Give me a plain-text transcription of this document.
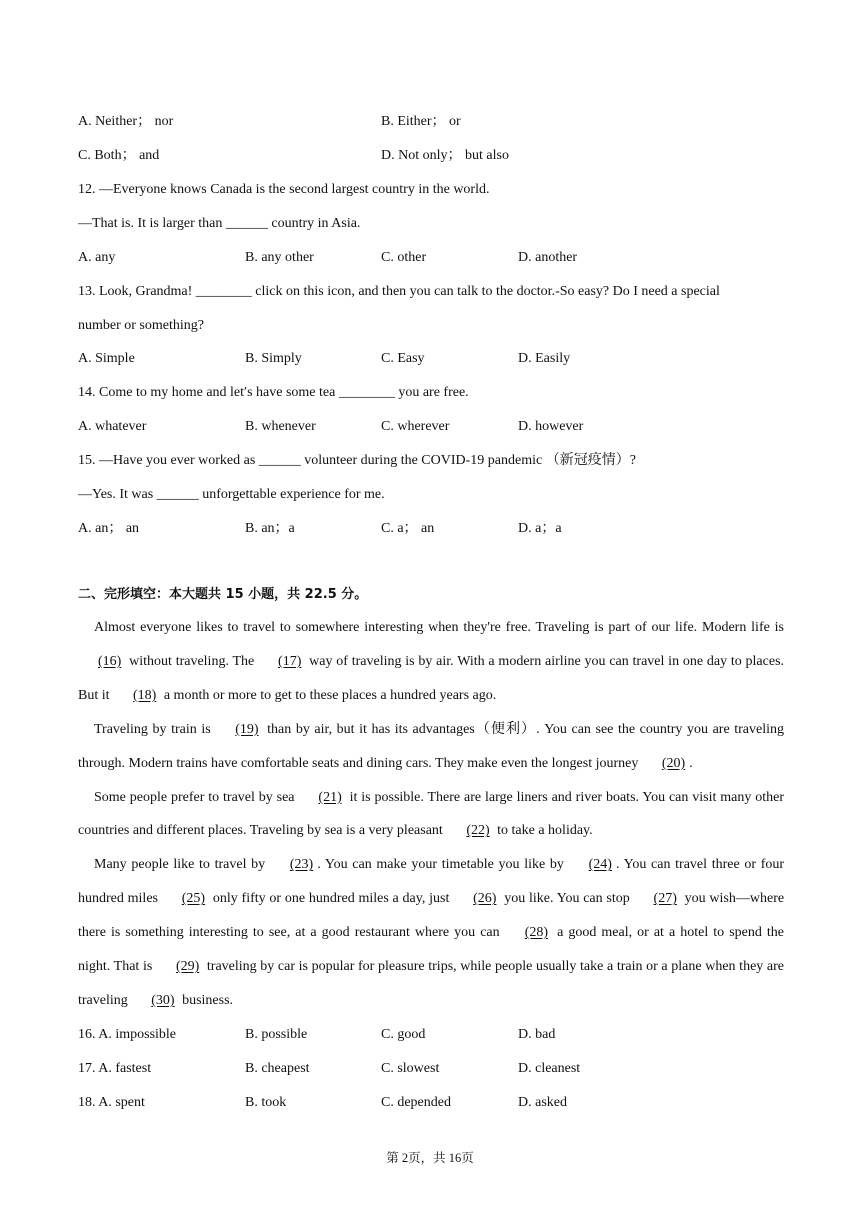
A. Neither； nor	B. Either； or
C. Both； and	D. Not only； but also
12. —Everyone knows Canada is the second largest country in the world.
—That is. It is larger than ______ country in Asia.
A. any	B. any other	C. other	D. another
13. Look, Grandma! ________ click on this icon, and then you can talk to the doctor.-So easy? Do I need a special
number or something?
A. Simple	B. Simply	C. Easy	D. Easily
14. Come to my home and let′s have some tea ________ you are free.
A. whatever	B. whenever	C. wherever	D. however
15. —Have you ever worked as ______ volunteer during the COVID-19 pandemic （新冠疫情）?
—Yes. It was ______ unforgettable experience for me.
A. an； an	B. an；a	C. a； an	D. a；a
二、完形填空：本大题共 15 小题，共 22.5 分。

Almost everyone likes to travel to somewhere interesting when they're free. Traveling is part of our life. Modern life is (16) without traveling. The (17) way of traveling is by air. With a modern airline you can travel in one day to places. But it (18) a month or more to get to these places a hundred years ago.

Traveling by train is (19) than by air, but it has its advantages（便利）. You can see the country you are traveling through. Modern trains have comfortable seats and dining cars. They make even the longest journey (20) .

Some people prefer to travel by sea (21) it is possible. There are large liners and river boats. You can visit many other countries and different places. Traveling by sea is a very pleasant (22) to take a holiday.

Many people like to travel by (23) . You can make your timetable you like by (24) . You can travel three or four hundred miles (25) only fifty or one hundred miles a day, just (26) you like. You can stop (27) you wish—where there is something interesting to see, at a good restaurant where you can (28) a good meal, or at a hotel to spend the night. That is (29) traveling by car is popular for pleasure trips, while people usually take a train or a plane when they are traveling (30) business.

16. A. impossible	B. possible	C. good	D. bad
17. A. fastest	B. cheapest	C. slowest	D. cleanest
18. A. spent	B. took	C. depended	D. asked
第 2页，共 16页
